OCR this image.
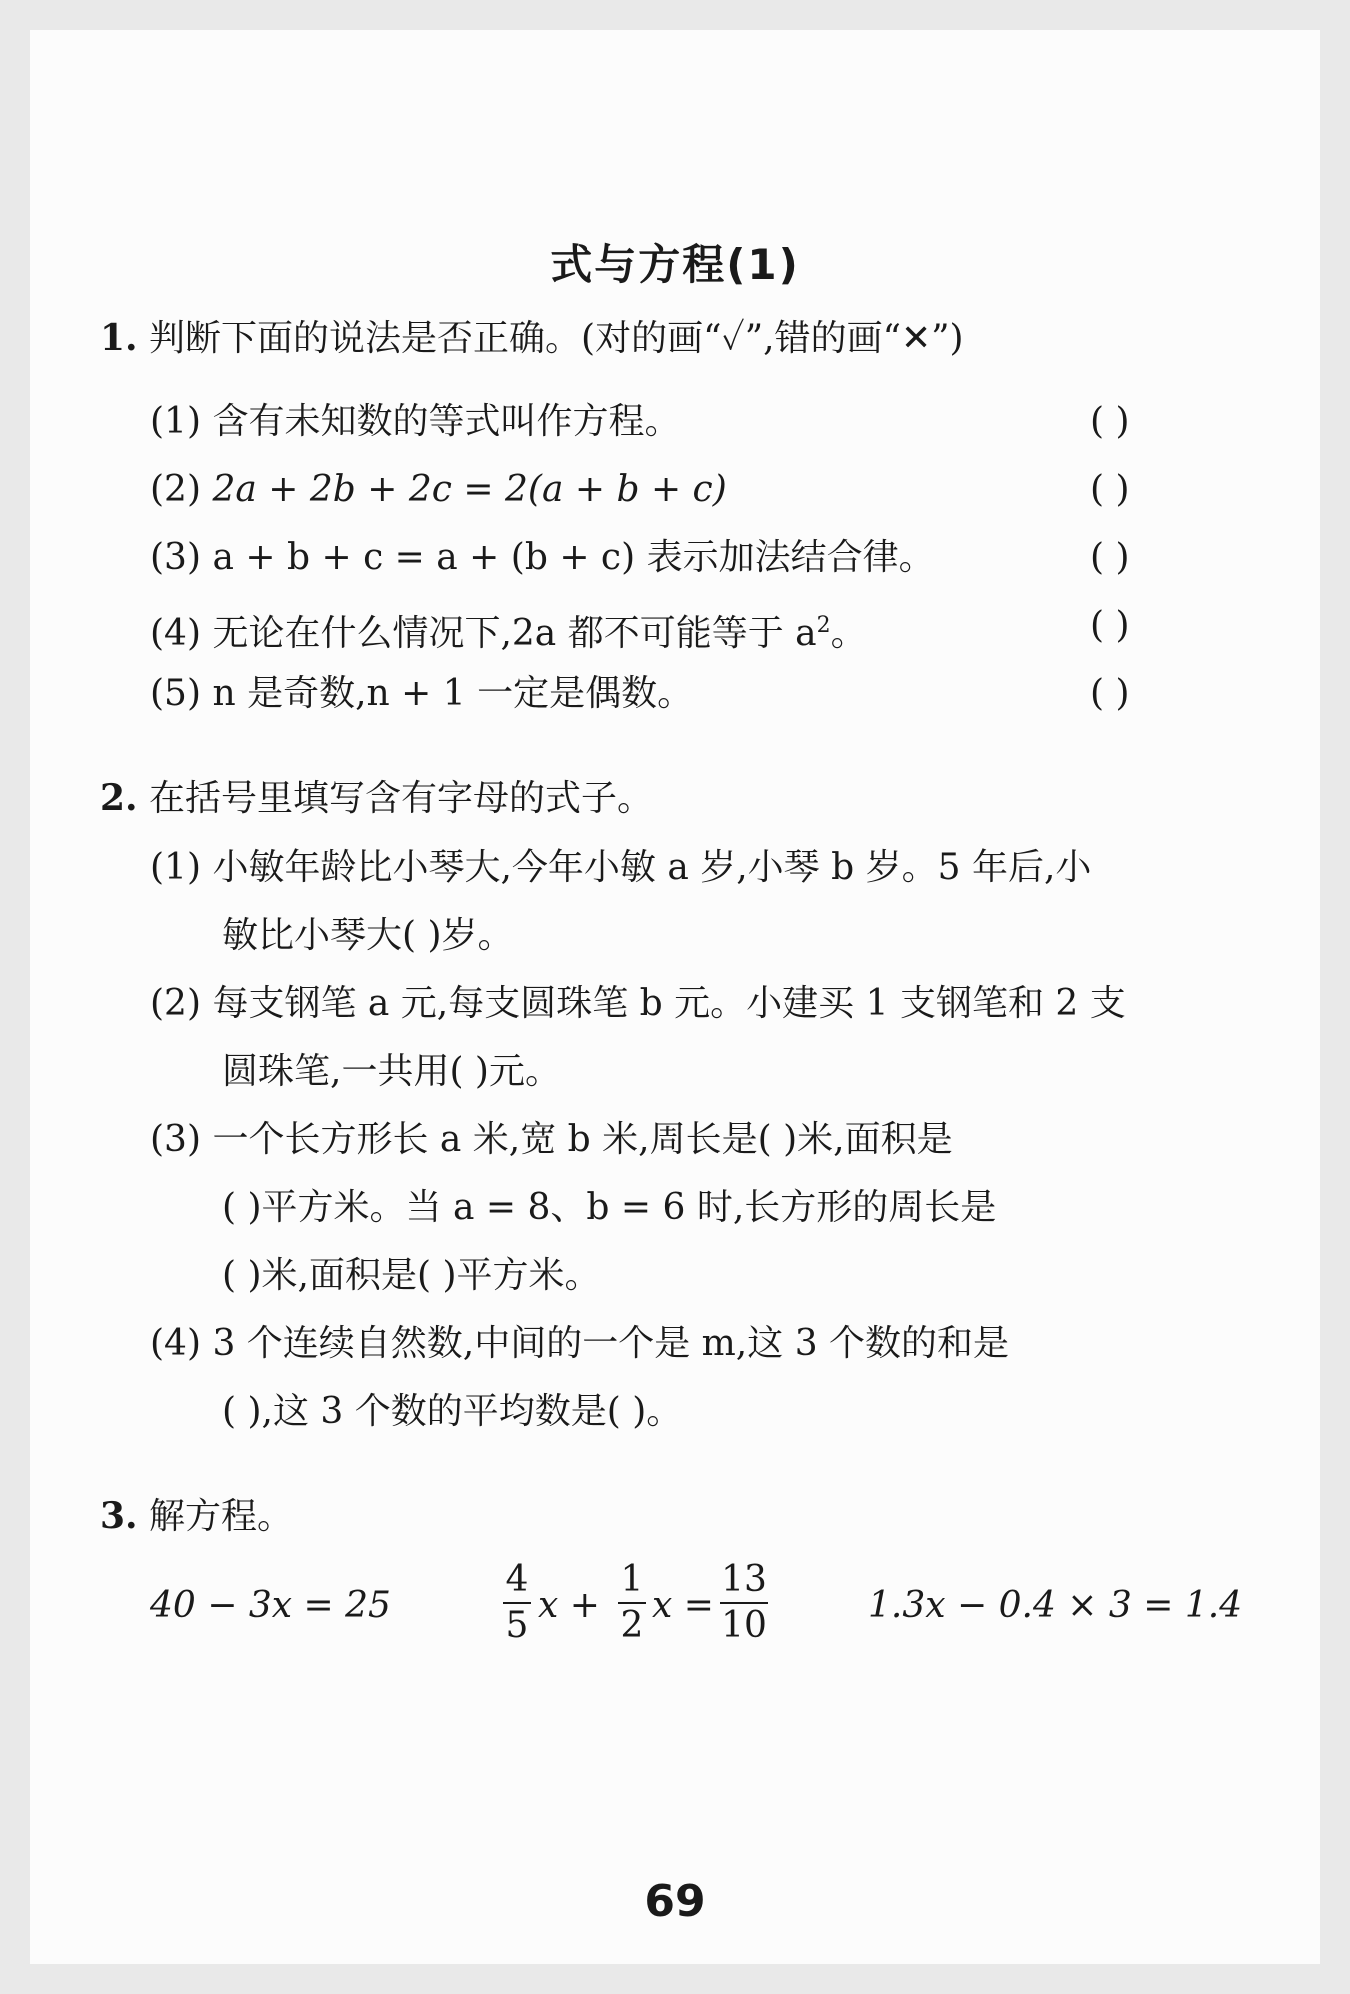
式与方程(1)
1. 判断下面的说法是否正确。(对的画“✓”,错的画“✕”)
(1) 含有未知数的等式叫作方程。
(2) 2a + 2b + 2c = 2(a + b + c)
(3) a + b + c = a + (b + c) 表示加法结合律。
(4) 无论在什么情况下,2a 都不可能等于 $a^2$。
(5) n 是奇数,n + 1 一定是偶数。
( )
( )
( )
( )
( )
2. 在括号里填写含有字母的式子。
(1) 小敏年龄比小琴大,今年小敏 a 岁,小琴 b 岁。5 年后,小
敏比小琴大( )岁。
(2) 每支钢笔 a 元,每支圆珠笔 b 元。小建买 1 支钢笔和 2 支
圆珠笔,一共用( )元。
(3) 一个长方形长 a 米,宽 b 米,周长是( )米,面积是
( )平方米。当 a = 8、b = 6 时,长方形的周长是
( )米,面积是( )平方米。
(4) 3 个连续自然数,中间的一个是 m,这 3 个数的和是
( ),这 3 个数的平均数是( )。
3. 解方程。
40 − 3x = 25
4
5 x +
1
2 x =
13
10	1.3x − 0.4 × 3 = 1.4
69
